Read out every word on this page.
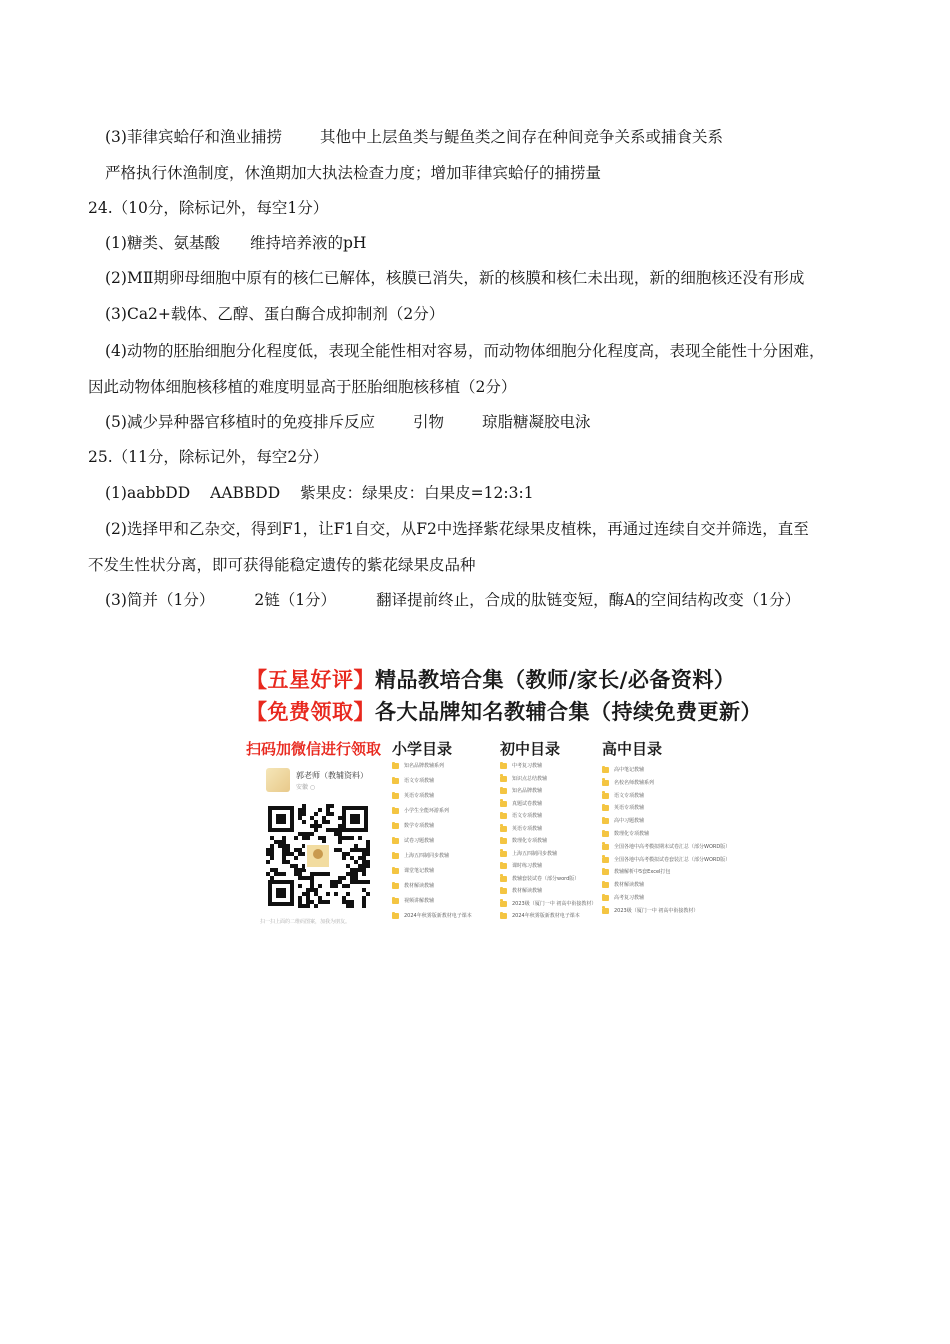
(3)菲律宾蛤仔和渔业捕捞 其他中上层鱼类与鳀鱼类之间存在种间竞争关系或捕食关系
严格执行休渔制度，休渔期加大执法检查力度；增加菲律宾蛤仔的捕捞量
24.（10分，除标记外，每空1分）
(1)糖类、氨基酸 维持培养液的pH
(2)MⅡ期卵母细胞中原有的核仁已解体，核膜已消失，新的核膜和核仁未出现，新的细胞核还没有形成
(3)Ca2+载体、乙醇、蛋白酶合成抑制剂（2分）
(4)动物的胚胎细胞分化程度低，表现全能性相对容易，而动物体细胞分化程度高，表现全能性十分困难，
因此动物体细胞核移植的难度明显高于胚胎细胞核移植（2分）
(5)减少异种器官移植时的免疫排斥反应 引物 琼脂糖凝胶电泳
25.（11分，除标记外，每空2分）
(1)aabbDD AABBDD 紫果皮：绿果皮：白果皮=12:3:1
(2)选择甲和乙杂交，得到F1，让F1自交，从F2中选择紫花绿果皮植株，再通过连续自交并筛选，直至
不发生性状分离，即可获得能稳定遗传的紫花绿果皮品种
(3)简并（1分）	2链（1分）	翻译提前终止，合成的肽链变短，酶A的空间结构改变（1分）
【五星好评】精品教培合集（教师/家长/必备资料）
【免费领取】各大品牌知名教辅合集（持续免费更新）
扫码加微信进行领取 小学目录	初中目录	高中目录
郭老师（教辅资料）
安徽 ○
扫一扫上面的二维码图案，加我为朋友。
知名品牌教辅系列
语文专项教辅
英语专项教辅
小学生全能环游系列
数学专项教辅
试卷习题教辅
上海五四制同步教辅
课堂笔记教辅
教材解读教辅
视频讲解教辅
2024年秋雾版新教材电子课本
中考复习教辅
知识点总结教辅
知名品牌教辅
真题试卷教辅
语文专项教辅
英语专项教辅
数理化专项教辅
上海五四制同步教辅
课时练习教辅
教辅套装试卷（部分word版）
教材解读教辅
2023级（厦门一中 初高中衔接教材）
2024年秋雾版新教材电子课本
高中笔记教辅
名校名师教辅系列
语文专项教辅
英语专项教辅
高中习题教辅
数理化专项教辅
全国各地中高考模拟期末试卷汇总（部分WORD版）
全国各地中高考模拟试卷套装汇总（部分WORD版）
教辅解析中5套Excel打包
教材解读教辅
高考复习教辅
2023级（厦门一中 初高中衔接教材）
